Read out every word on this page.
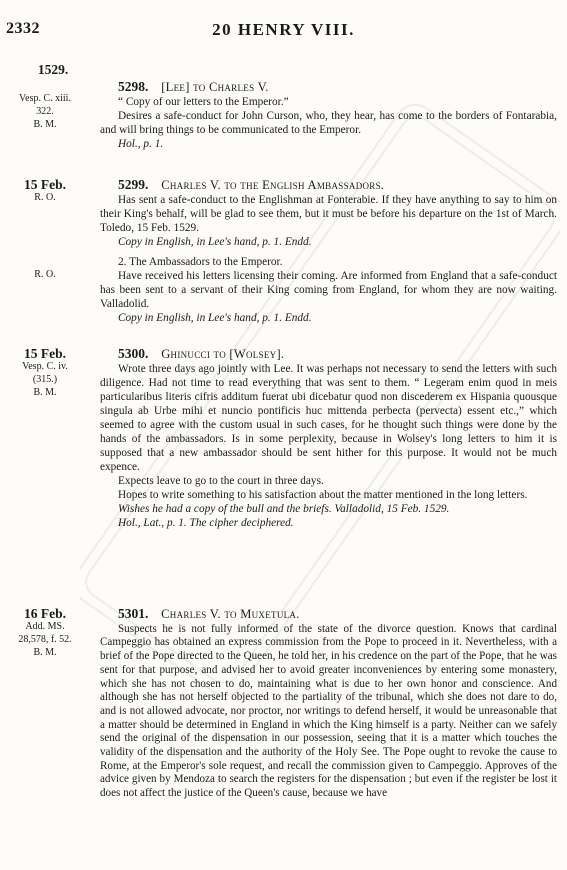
2332	20 HENRY VIII.
1529.
Vesp. C. xiii.
322.
B. M.
5298. [Lee] to Charles V.
“ Copy of our letters to the Emperor.”
Desires a safe-conduct for John Curson, who, they hear, has come to the borders of Fontarabia, and will bring things to be communicated to the Emperor.
Hol., p. 1.
15 Feb.
R. O.
R. O.
5299. Charles V. to the English Ambassadors.
Has sent a safe-conduct to the Englishman at Fonterabie. If they have anything to say to him on their King's behalf, will be glad to see them, but it must be before his departure on the 1st of March. Toledo, 15 Feb. 1529.
Copy in English, in Lee's hand, p. 1. Endd.
2. The Ambassadors to the Emperor.
Have received his letters licensing their coming. Are informed from England that a safe-conduct has been sent to a servant of their King coming from England, for whom they are now waiting. Valladolid.
Copy in English, in Lee's hand, p. 1. Endd.
15 Feb.
Vesp. C. iv.
(315.)
B. M.
5300. Ghinucci to [Wolsey].
Wrote three days ago jointly with Lee. It was perhaps not necessary to send the letters with such diligence. Had not time to read everything that was sent to them. “ Legeram enim quod in meis particularibus literis cifris additum fuerat ubi dicebatur quod non discederem ex Hispania quousque singula ab Urbe mihi et nuncio pontificis huc mittenda perbecta (pervecta) essent etc.,” which seemed to agree with the custom usual in such cases, for he thought such things were done by the hands of the ambassadors. Is in some perplexity, because in Wolsey's long letters to him it is supposed that a new ambassador should be sent hither for this purpose. It would not be much expence.
Expects leave to go to the court in three days.
Hopes to write something to his satisfaction about the matter mentioned in the long letters.
Wishes he had a copy of the bull and the briefs. Valladolid, 15 Feb. 1529.
Hol., Lat., p. 1. The cipher deciphered.
16 Feb.
Add. MS.
28,578, f. 52.
B. M.
5301. Charles V. to Muxetula.
Suspects he is not fully informed of the state of the divorce question. Knows that cardinal Campeggio has obtained an express commission from the Pope to proceed in it. Nevertheless, with a brief of the Pope directed to the Queen, he told her, in his credence on the part of the Pope, that he was sent for that purpose, and advised her to avoid greater inconveniences by entering some monastery, which she has not chosen to do, maintaining what is due to her own honor and conscience. And although she has not herself objected to the partiality of the tribunal, which she does not dare to do, and is not allowed advocate, nor proctor, nor writings to defend herself, it would be unreasonable that a matter should be determined in England in which the King himself is a party. Neither can we safely send the original of the dispensation in our possession, seeing that it is a matter which touches the validity of the dispensation and the authority of the Holy See. The Pope ought to revoke the cause to Rome, at the Emperor's sole request, and recall the commission given to Campeggio. Approves of the advice given by Mendoza to search the registers for the dispensation ; but even if the register be lost it does not affect the justice of the Queen's cause, because we have
